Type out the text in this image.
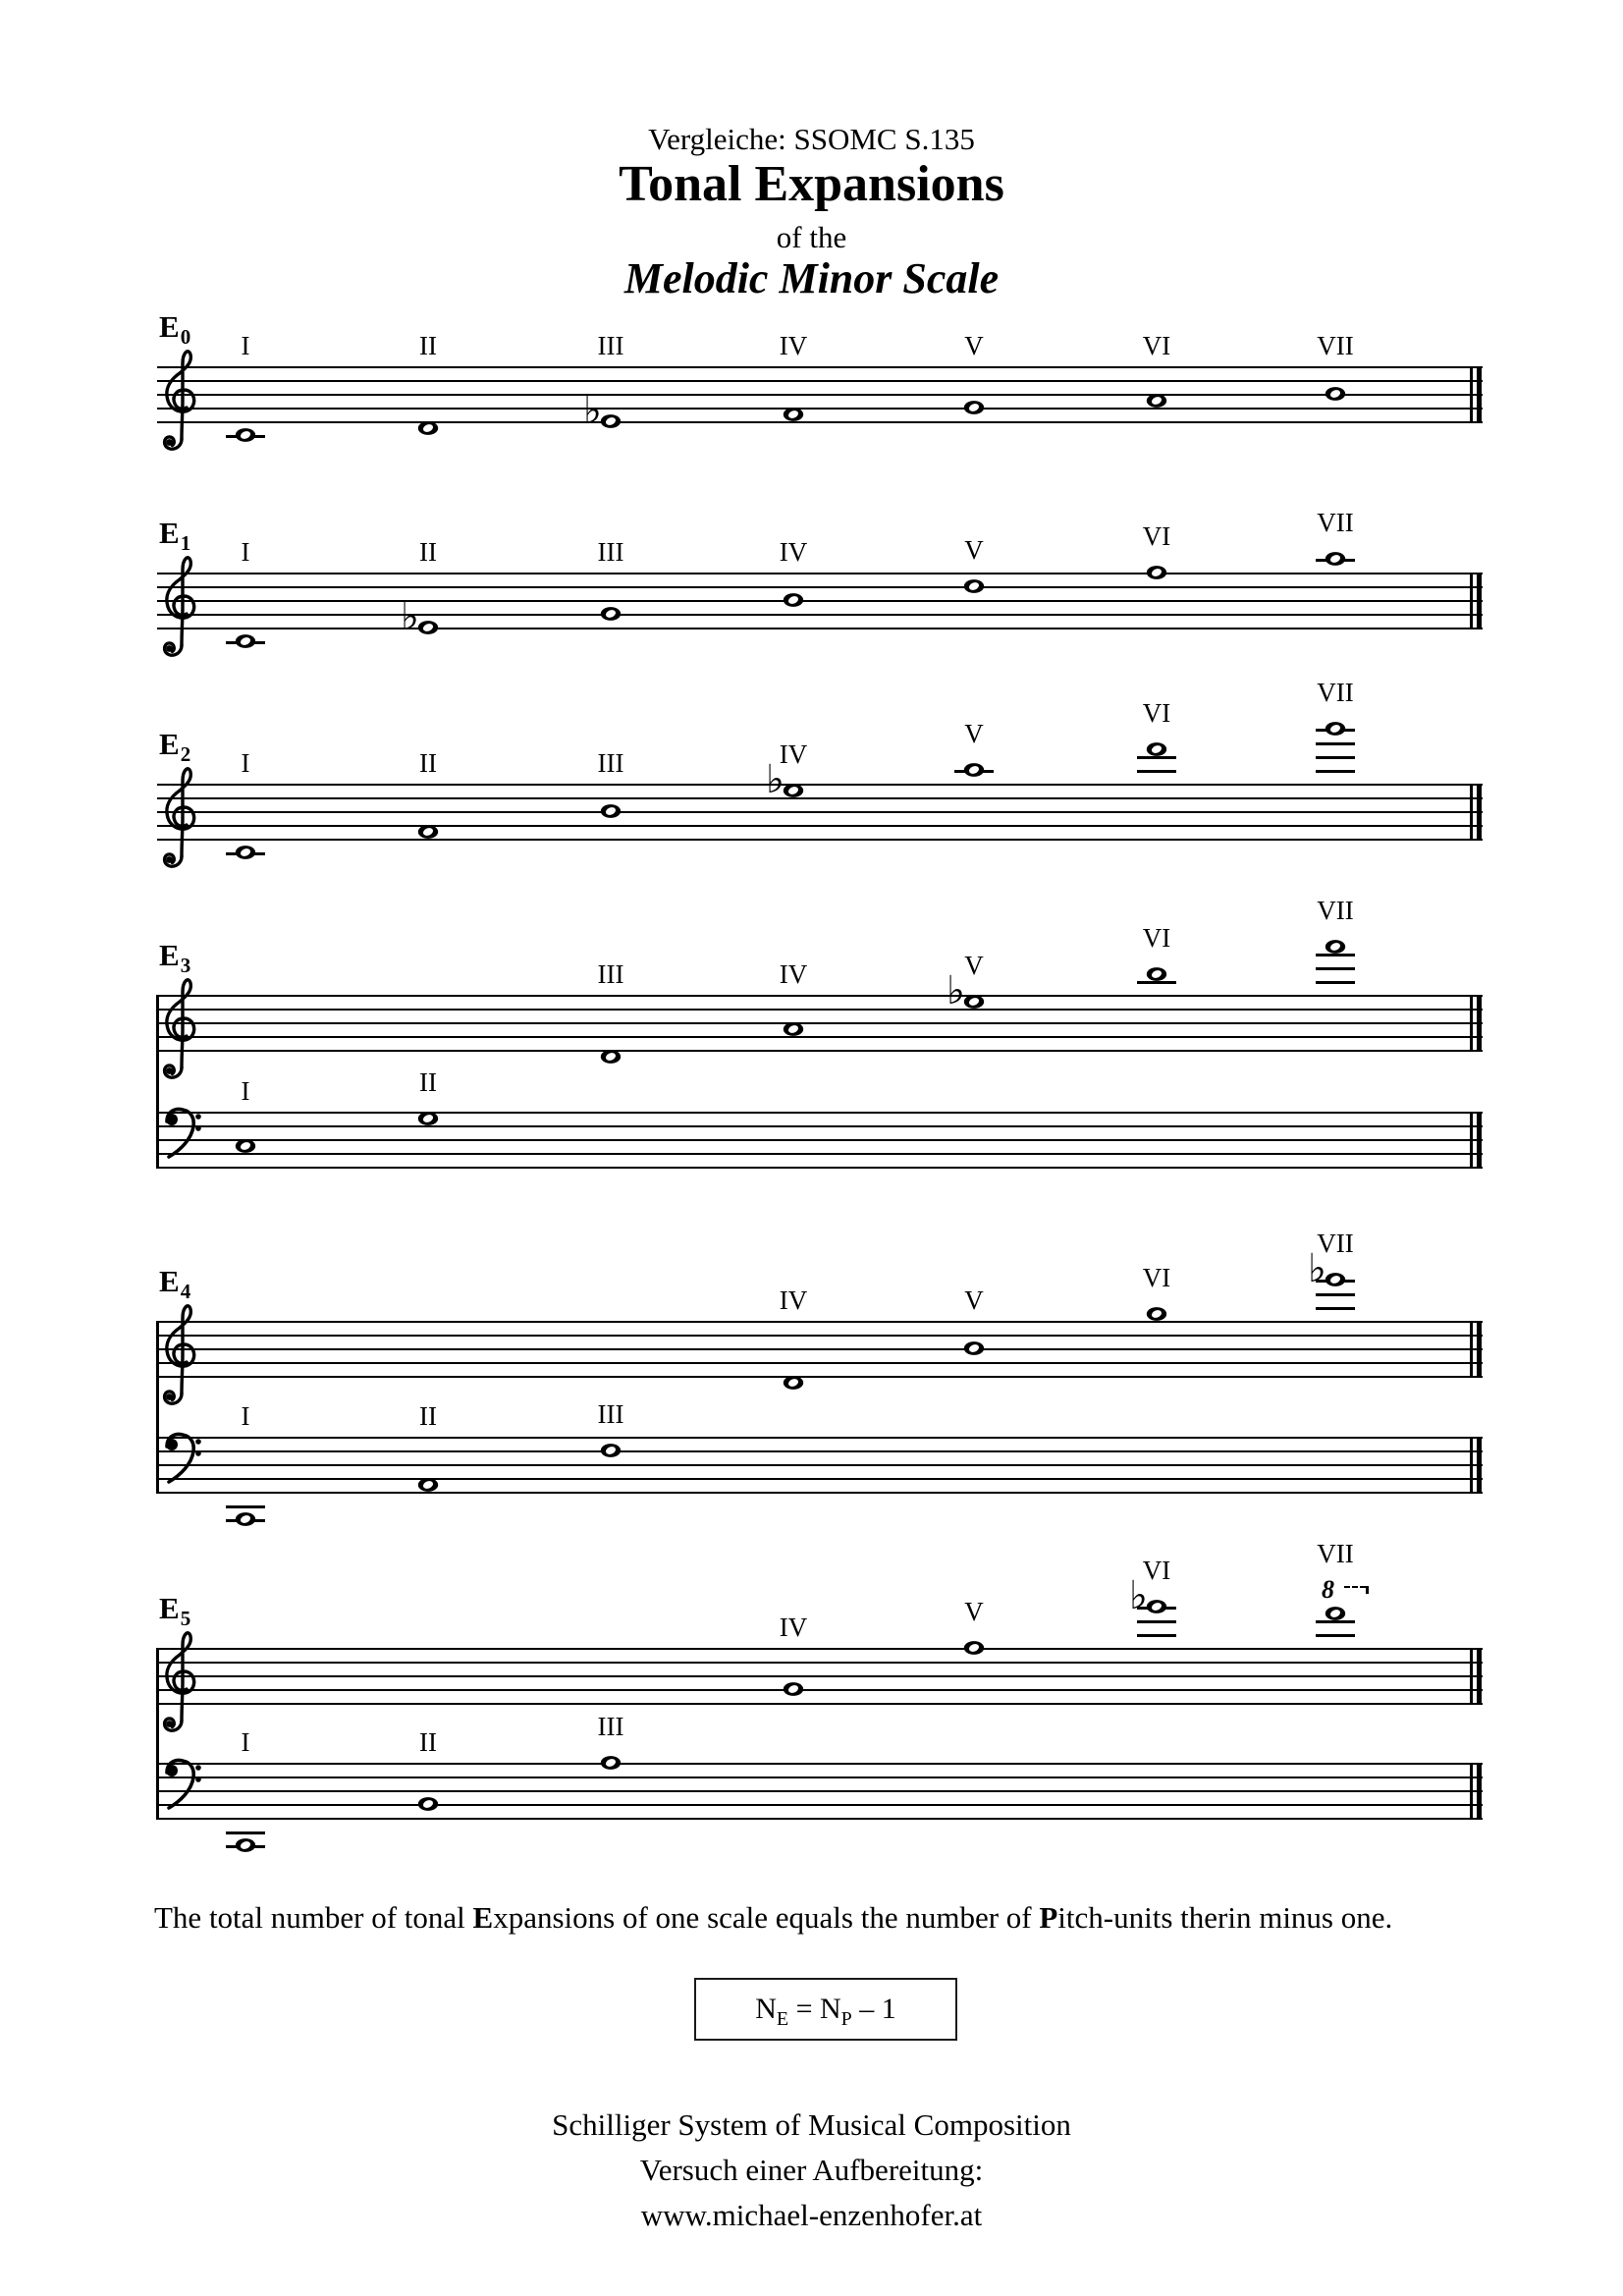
Vergleiche: SSOMC S.135
Tonal Expansions
of the
Melodic Minor Scale
$E_0$	I	II
♭
III	IV	V	VI	VII
$E_1$	I
♭
II	III	IV	V	VI	VII
$E_2$	I	II	III	♭
IV
V
VI
VII
$E_3$
I	II
III	IV	♭
V
VI
VII
$E_4$
I	II	III
IV	V
VI	♭
VII
$E_5$
I	II
III
IV
V	♭
VI
VII
8

The total number of tonal Expansions of one scale equals the number of Pitch-units therin minus one.

$N_E = N_P - 1$
Schilliger System of Musical Composition
Versuch einer Aufbereitung:
www.michael-enzenhofer.at
